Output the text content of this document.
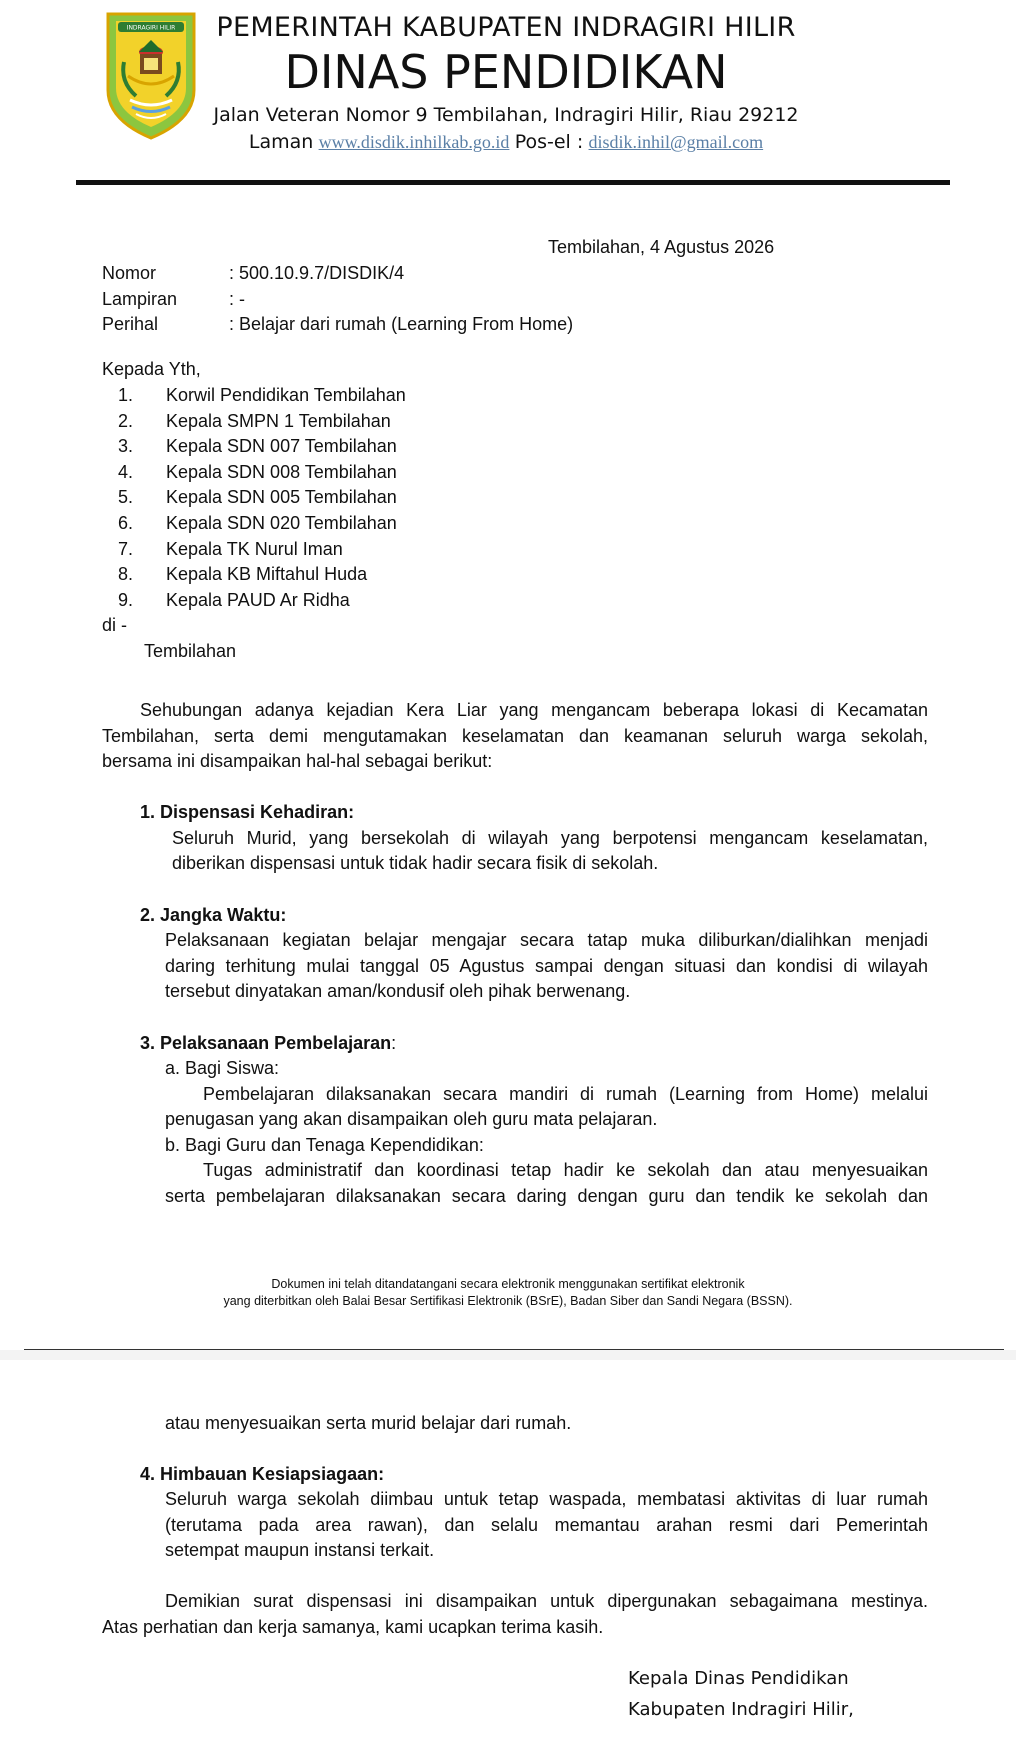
INDRAGIRI HILIR	PEMERINTAH KABUPATEN INDRAGIRI HILIR
DINAS PENDIDIKAN
Jalan Veteran Nomor 9 Tembilahan, Indragiri Hilir, Riau 29212
Laman www.disdik.inhilkab.go.id Pos-el : disdik.inhil@gmail.com
Tembilahan, 4 Agustus 2026
Nomor	: 500.10.9.7/DISDIK/4
Lampiran	: -
Perihal	: Belajar dari rumah (Learning From Home)
Kepada Yth,
1. Korwil Pendidikan Tembilahan
2. Kepala SMPN 1 Tembilahan
3. Kepala SDN 007 Tembilahan
4. Kepala SDN 008 Tembilahan
5. Kepala SDN 005 Tembilahan
6. Kepala SDN 020 Tembilahan
7. Kepala TK Nurul Iman
8. Kepala KB Miftahul Huda
9. Kepala PAUD Ar Ridha
di -
Tembilahan
Sehubungan adanya kejadian Kera Liar yang mengancam beberapa lokasi di Kecamatan
Tembilahan, serta demi mengutamakan keselamatan dan keamanan seluruh warga sekolah,
bersama ini disampaikan hal-hal sebagai berikut:
1. Dispensasi Kehadiran:
Seluruh Murid, yang bersekolah di wilayah yang berpotensi mengancam keselamatan,
diberikan dispensasi untuk tidak hadir secara fisik di sekolah.
2. Jangka Waktu:
Pelaksanaan kegiatan belajar mengajar secara tatap muka diliburkan/dialihkan menjadi
daring terhitung mulai tanggal 05 Agustus sampai dengan situasi dan kondisi di wilayah
tersebut dinyatakan aman/kondusif oleh pihak berwenang.
3. Pelaksanaan Pembelajaran:
a. Bagi Siswa:
Pembelajaran dilaksanakan secara mandiri di rumah (Learning from Home) melalui
penugasan yang akan disampaikan oleh guru mata pelajaran.
b. Bagi Guru dan Tenaga Kependidikan:
Tugas administratif dan koordinasi tetap hadir ke sekolah dan atau menyesuaikan
serta pembelajaran dilaksanakan secara daring dengan guru dan tendik ke sekolah dan
Dokumen ini telah ditandatangani secara elektronik menggunakan sertifikat elektronik
yang diterbitkan oleh Balai Besar Sertifikasi Elektronik (BSrE), Badan Siber dan Sandi Negara (BSSN).
atau menyesuaikan serta murid belajar dari rumah.
4. Himbauan Kesiapsiagaan:
Seluruh warga sekolah diimbau untuk tetap waspada, membatasi aktivitas di luar rumah
(terutama pada area rawan), dan selalu memantau arahan resmi dari Pemerintah
setempat maupun instansi terkait.
Demikian surat dispensasi ini disampaikan untuk dipergunakan sebagaimana mestinya.
Atas perhatian dan kerja samanya, kami ucapkan terima kasih.
Kepala Dinas Pendidikan
Kabupaten Indragiri Hilir,
